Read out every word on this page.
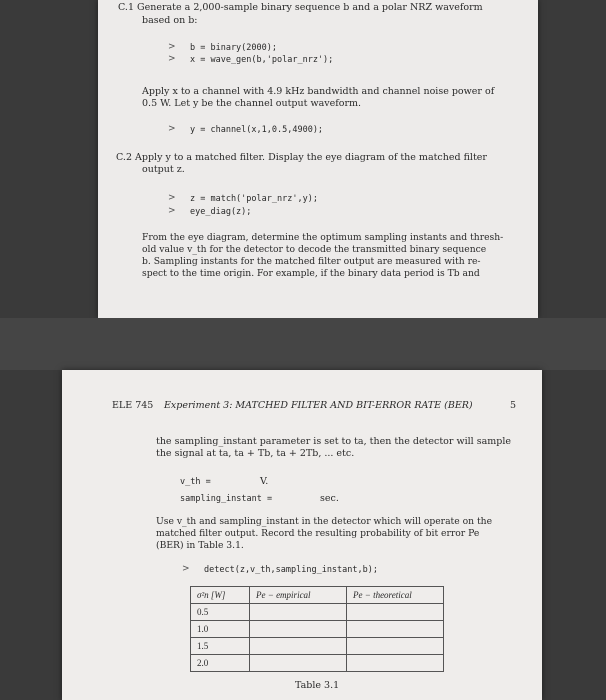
C.1 Generate a 2,000-sample binary sequence b and a polar NRZ waveform
based on b:
> b = binary(2000);
> x = wave_gen(b,'polar_nrz');
Apply x to a channel with 4.9 kHz bandwidth and channel noise power of
0.5 W. Let y be the channel output waveform.
> y = channel(x,1,0.5,4900);
C.2 Apply y to a matched filter. Display the eye diagram of the matched filter
output z.
> z = match('polar_nrz',y);
> eye_diag(z);
From the eye diagram, determine the optimum sampling instants and thresh-
old value v_th for the detector to decode the transmitted binary sequence
b. Sampling instants for the matched filter output are measured with re-
spect to the time origin. For example, if the binary data period is Tb and
ELE 745 Experiment 3: MATCHED FILTER AND BIT-ERROR RATE (BER)	5
the sampling_instant parameter is set to ta, then the detector will sample
the signal at ta, ta + Tb, ta + 2Tb, ... etc.
v_th =	V.
sampling_instant =	sec.
Use v_th and sampling_instant in the detector which will operate on the
matched filter output. Record the resulting probability of bit error Pe
(BER) in Table 3.1.
> detect(z,v_th,sampling_instant,b);
σ²n [W]	Pe − empirical	Pe − theoretical
0.5		
1.0		
1.5		
2.0		
Table 3.1
